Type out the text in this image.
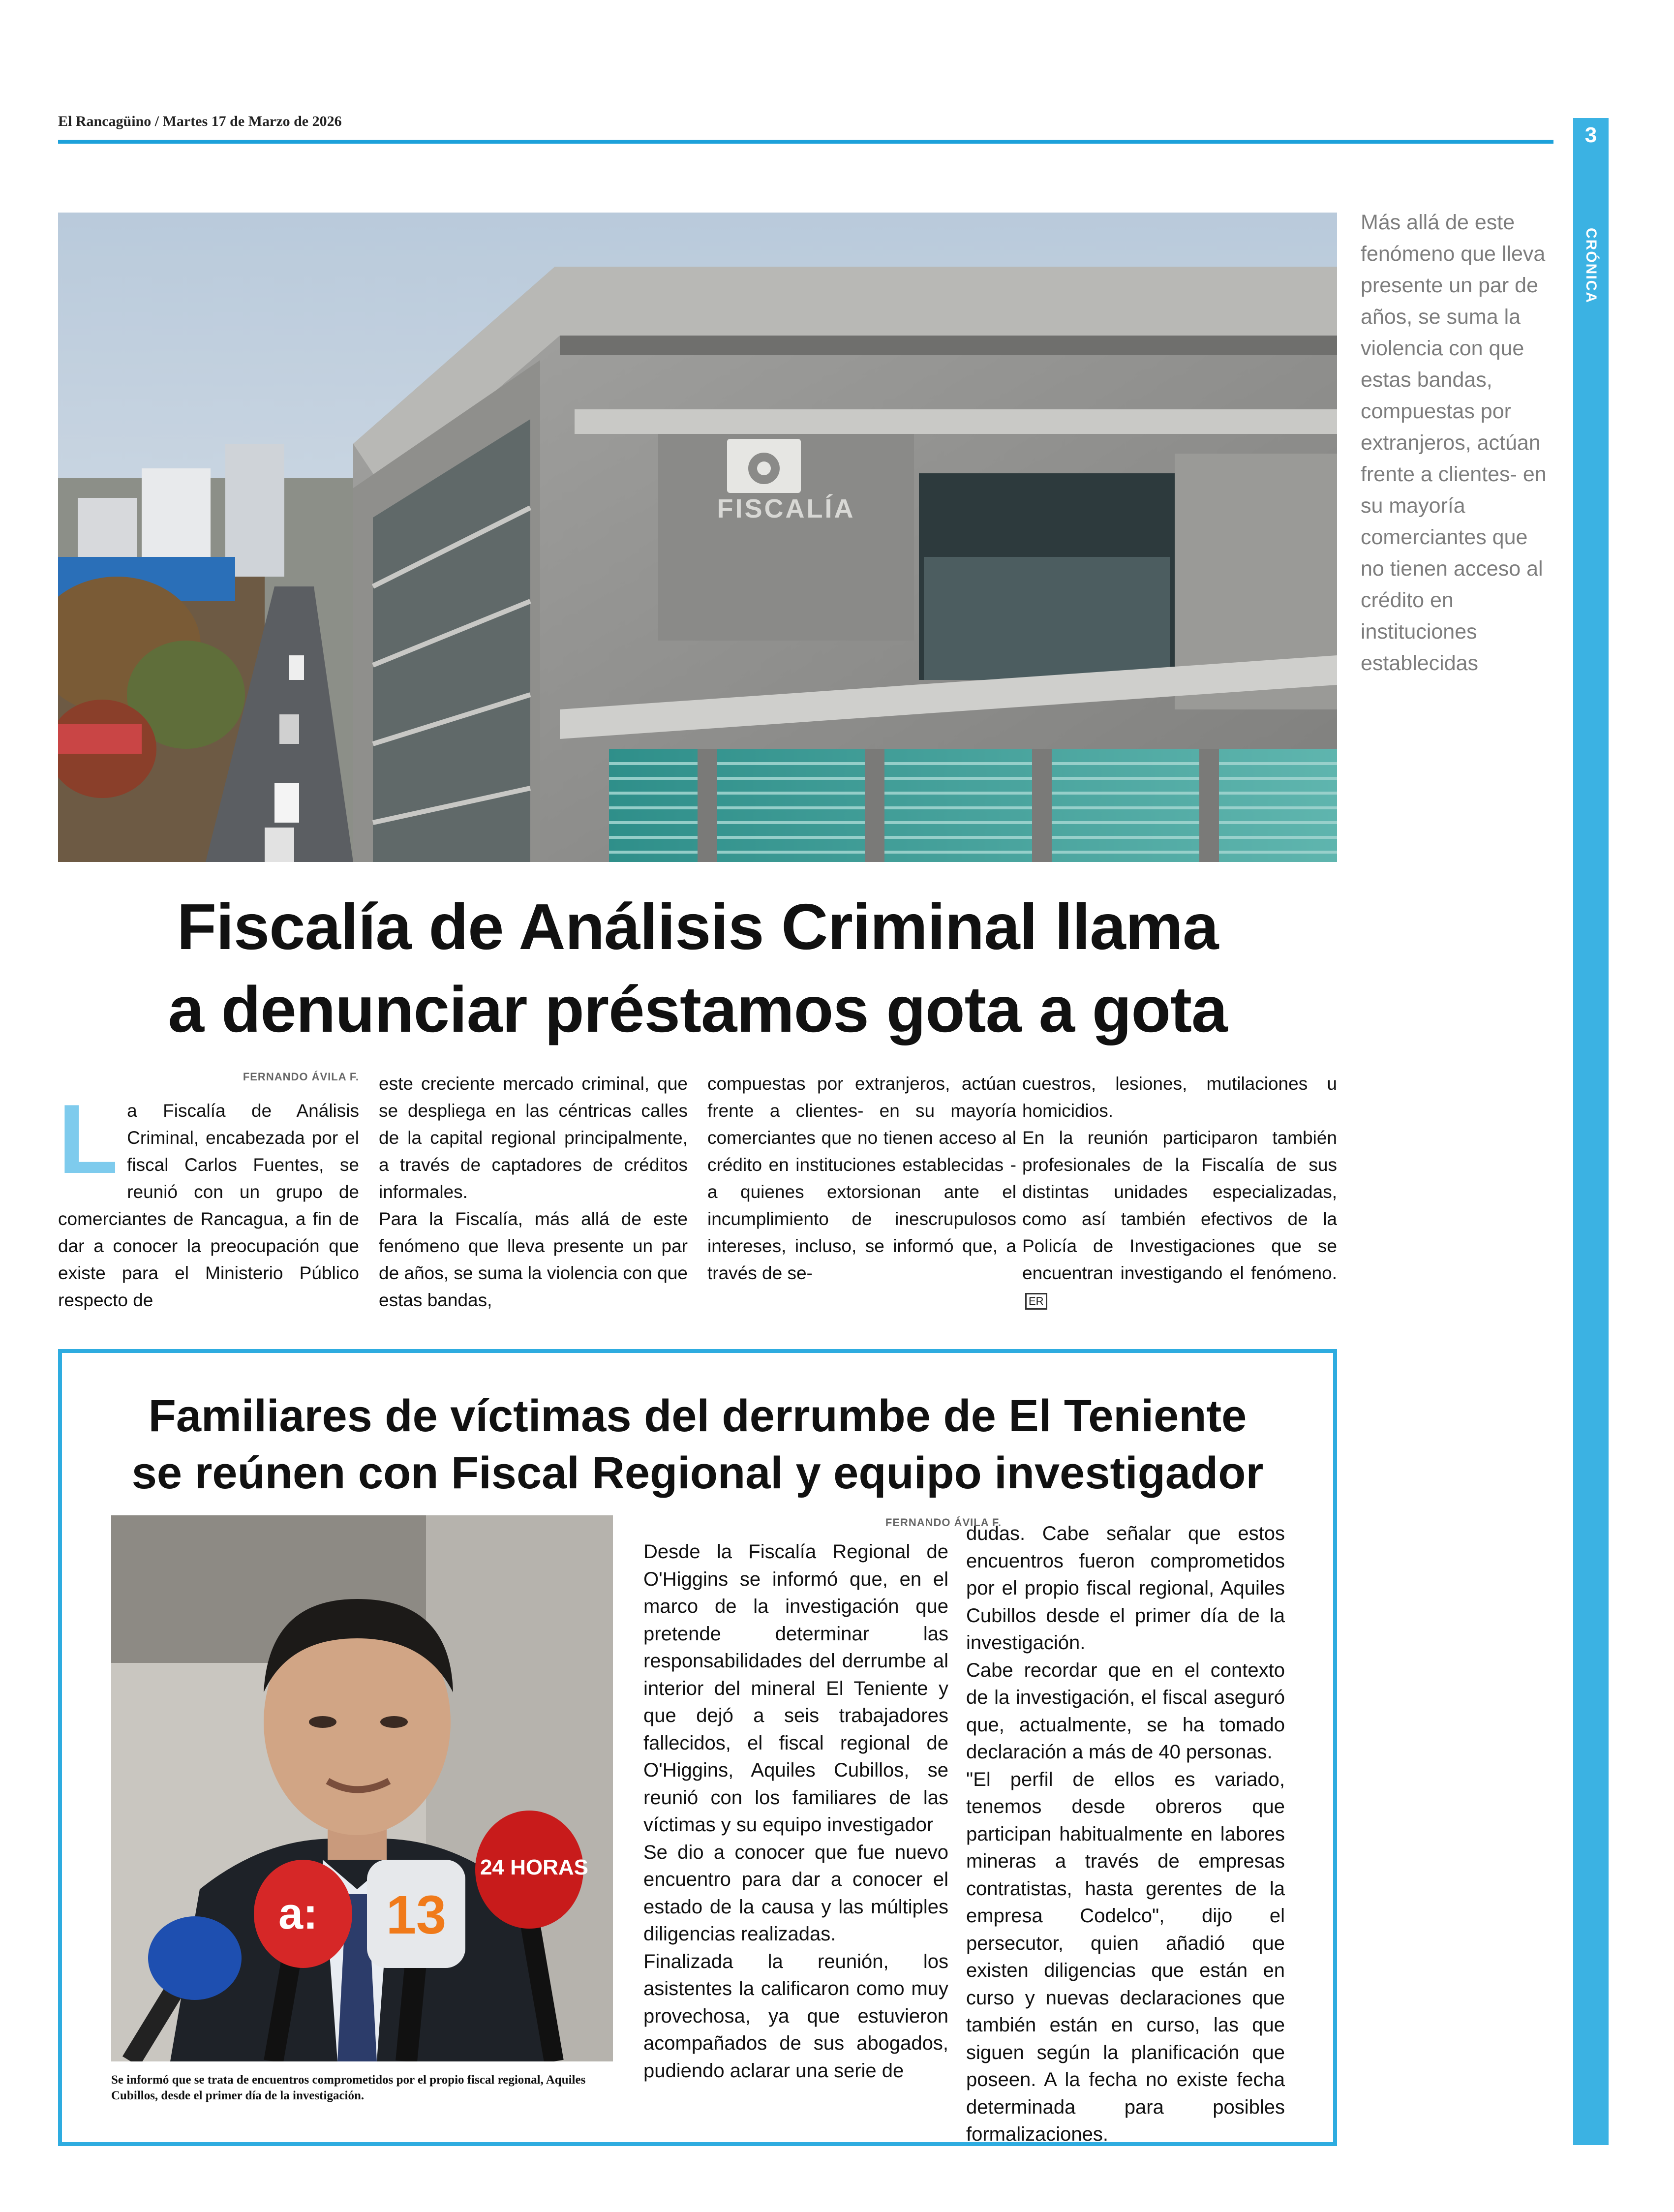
El Rancagüino / Martes 17 de Marzo de 2026
3
CRÓNICA
FISCALÍA
Más allá de este fenómeno que lleva presente un par de años, se suma la violencia con que estas bandas, compuestas por extranjeros, actúan frente a clientes- en su mayoría comerciantes que no tienen acceso al crédito en instituciones establecidas
Fiscalía de Análisis Criminal llama
a denunciar préstamos gota a gota
FERNANDO ÁVILA F.
L a Fiscalía de Análisis Criminal, encabezada por el fiscal Carlos Fuentes, se reunió con un grupo de comerciantes de Rancagua, a fin de dar a conocer la preocupación que existe para el Ministerio Público respecto de

este creciente mercado criminal, que se despliega en las céntricas calles de la capital regional principalmente, a través de captadores de créditos informales.

Para la Fiscalía, más allá de este fenómeno que lleva presente un par de años, se suma la violencia con que estas bandas,

compuestas por extranjeros, actúan frente a clientes- en su mayoría comerciantes que no tienen acceso al crédito en instituciones establecidas - a quienes extorsionan ante el incumplimiento de inescrupulosos intereses, incluso, se informó que, a través de se-

cuestros, lesiones, mutilaciones u homicidios.

En la reunión participaron también profesionales de la Fiscalía de sus distintas unidades especializadas, como así también efectivos de la Policía de Investigaciones que se encuentran investigando el fenómeno.ER

Familiares de víctimas del derrumbe de El Teniente
se reúnen con Fiscal Regional y equipo investigador
a: 13
24 HORAS
Se informó que se trata de encuentros comprometidos por el propio fiscal regional, Aquiles Cubillos, desde el primer día de la investigación.
FERNANDO ÁVILA F.

Desde la Fiscalía Regional de O'Higgins se informó que, en el marco de la investigación que pretende determinar las responsabilidades del derrumbe al interior del mineral El Teniente y que dejó a seis trabajadores fallecidos, el fiscal regional de O'Higgins, Aquiles Cubillos, se reunió con los familiares de las víctimas y su equipo investigador

Se dio a conocer que fue nuevo encuentro para dar a conocer el estado de la causa y las múltiples diligencias realizadas.

Finalizada la reunión, los asistentes la calificaron como muy provechosa, ya que estuvieron acompañados de sus abogados, pudiendo aclarar una serie de

dudas. Cabe señalar que estos encuentros fueron comprometidos por el propio fiscal regional, Aquiles Cubillos desde el primer día de la investigación.

Cabe recordar que en el contexto de la investigación, el fiscal aseguró que, actualmente, se ha tomado declaración a más de 40 personas.

"El perfil de ellos es variado, tenemos desde obreros que participan habitualmente en labores mineras a través de empresas contratistas, hasta gerentes de la empresa Codelco", dijo el persecutor, quien añadió que existen diligencias que están en curso y nuevas declaraciones que también están en curso, las que siguen según la planificación que poseen. A la fecha no existe fecha determinada para posibles formalizaciones.
